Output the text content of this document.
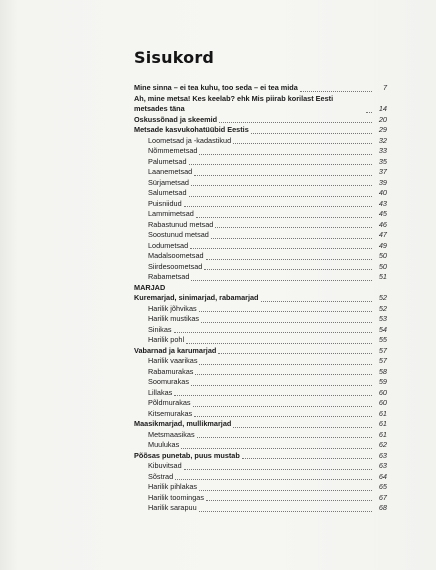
Sisukord
Mine sinna – ei tea kuhu, too seda – ei tea mida	7
Ah, mine metsa! Kes keelab? ehk Mis piirab korilast Eesti metsades täna	14
Oskussõnad ja skeemid	20
Metsade kasvukohatüübid Eestis	29
Loometsad ja -kadastikud	32
Nõmmemetsad	33
Palumetsad	35
Laanemetsad	37
Sürjametsad	39
Salumetsad	40
Puisniidud	43
Lammimetsad	45
Rabastunud metsad	46
Soostunud metsad	47
Lodumetsad	49
Madalsoometsad	50
Siirdesoometsad	50
Rabametsad	51
MARJAD
Kuremarjad, sinimarjad, rabamarjad	52
Harilik jõhvikas	52
Harilik mustikas	53
Sinikas	54
Harilik pohl	55
Vabarnad ja karumarjad	57
Harilik vaarikas	57
Rabamurakas	58
Soomurakas	59
Lillakas	60
Põldmurakas	60
Kitsemurakas	61
Maasikmarjad, mullikmarjad	61
Metsmaasikas	61
Muulukas	62
Põõsas punetab, puus mustab	63
Kibuvitsad	63
Sõstrad	64
Harilik pihlakas	65
Harilik toomingas	67
Harilik sarapuu	68
